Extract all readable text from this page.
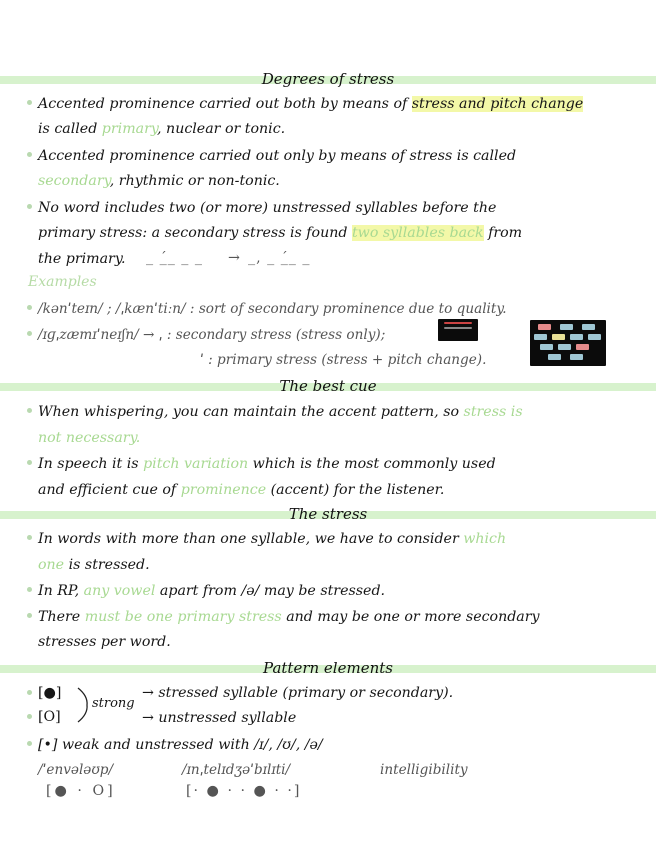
Degrees of stress
Accented prominence carried out both by means of stress and pitch change
is called primary, nuclear or tonic.
Accented prominence carried out only by means of stress is called
secondary, rhythmic or non-tonic.
No word includes two (or more) unstressed syllables before the
primary stress: a secondary stress is found two syllables back from
the primary. _ _́_ _ _ → _, _ _́_ _
Examples
/kənˈteɪn/ ; /ˌkænˈtiːn/ : sort of secondary prominence due to quality.
/ɪɡˌzæmɪˈneɪʃn/ → ˌ : secondary stress (stress only);
ˈ : primary stress (stress + pitch change).
The best cue
When whispering, you can maintain the accent pattern, so stress is
not necessary.
In speech it is pitch variation which is the most commonly used
and efficient cue of prominence (accent) for the listener.
The stress
In words with more than one syllable, we have to consider which
one is stressed.
In RP, any vowel apart from /ə/ may be stressed.
There must be one primary stress and may be one or more secondary
stresses per word.
Pattern elements
[●]
[O]
strong
→ stressed syllable (primary or secondary).
→ unstressed syllable
[•] weak and unstressed with /ɪ/, /ʊ/, /ə/
/ˈenvələʊp/
[● · O]
/ɪnˌtelɪdʒəˈbɪlɪti/	intelligibility
[· ● · · ● · ·]
